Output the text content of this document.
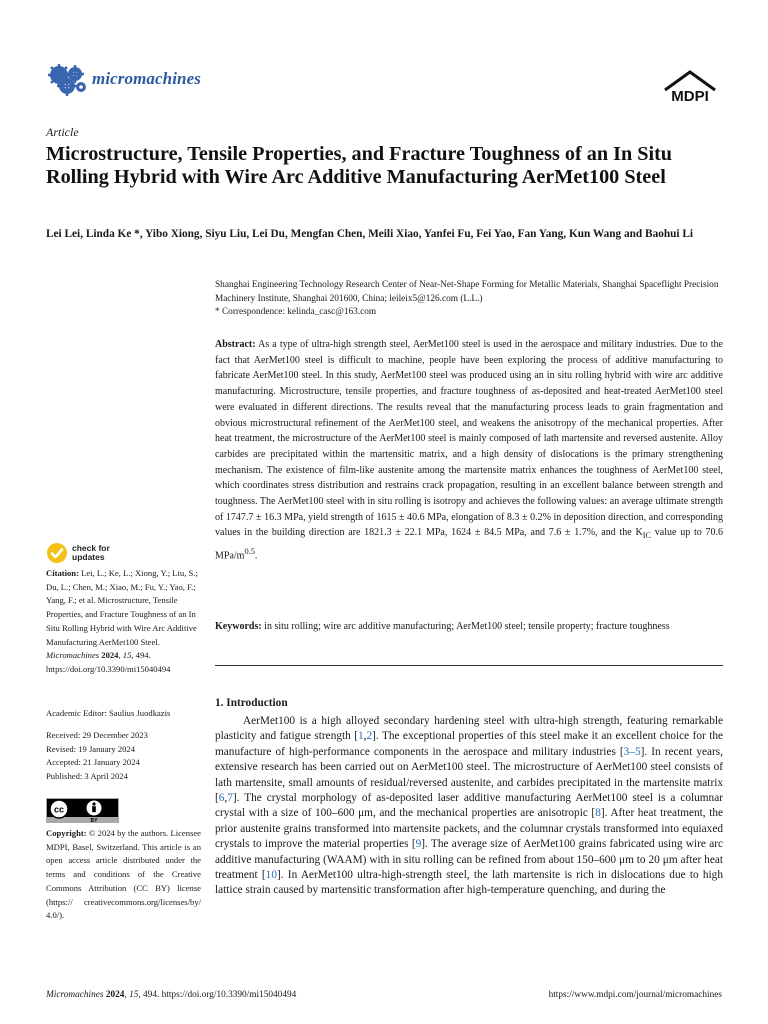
micromachines
MDPI
Article
Microstructure, Tensile Properties, and Fracture Toughness of an In Situ Rolling Hybrid with Wire Arc Additive Manufacturing AerMet100 Steel
Lei Lei, Linda Ke *, Yibo Xiong, Siyu Liu, Lei Du, Mengfan Chen, Meili Xiao, Yanfei Fu, Fei Yao, Fan Yang, Kun Wang and Baohui Li
Shanghai Engineering Technology Research Center of Near-Net-Shape Forming for Metallic Materials, Shanghai Spaceflight Precision Machinery Institute, Shanghai 201600, China; leileix5@126.com (L.L.)
* Correspondence: kelinda_casc@163.com
Abstract: As a type of ultra-high strength steel, AerMet100 steel is used in the aerospace and military industries. Due to the fact that AerMet100 steel is difficult to machine, people have been exploring the process of additive manufacturing to fabricate AerMet100 steel. In this study, AerMet100 steel was produced using an in situ rolling hybrid with wire arc additive manufacturing. Microstructure, tensile properties, and fracture toughness of as-deposited and heat-treated AerMet100 steel were evaluated in different directions. The results reveal that the manufacturing process leads to grain fragmentation and obvious microstructural refinement of the AerMet100 steel, and weakens the anisotropy of the mechanical properties. After heat treatment, the microstructure of the AerMet100 steel is mainly composed of lath martensite and reversed austenite. Alloy carbides are precipitated within the martensitic matrix, and a high density of dislocations is the primary strengthening mechanism. The existence of film-like austenite among the martensite matrix enhances the toughness of AerMet100 steel, which coordinates stress distribution and restrains crack propagation, resulting in an excellent balance between strength and toughness. The AerMet100 steel with in situ rolling is isotropy and achieves the following values: an average ultimate strength of 1747.7 ± 16.3 MPa, yield strength of 1615 ± 40.6 MPa, elongation of 8.3 ± 0.2% in deposition direction, and corresponding values in the building direction are 1821.3 ± 22.1 MPa, 1624 ± 84.5 MPa, and 7.6 ± 1.7%, and the $K_{IC}$ value up to 70.6 MPa/$m^{0.5}$.
Keywords: in situ rolling; wire arc additive manufacturing; AerMet100 steel; tensile property; fracture toughness
1. Introduction

AerMet100 is a high alloyed secondary hardening steel with ultra-high strength, featuring remarkable plasticity and fatigue strength [1,2]. The exceptional properties of this steel make it an excellent choice for the manufacture of high-performance components in the aerospace and military industries [3–5]. In recent years, extensive research has been carried out on AerMet100 steel. The microstructure of AerMet100 steel consists of lath martensite, small amounts of residual/reversed austenite, and carbides precipitated in the martensite matrix [6,7]. The crystal morphology of as-deposited laser additive manufacturing AerMet100 steel is a columnar crystal with a size of 100–600 μm, and the mechanical properties are anisotropic [8]. After heat treatment, the prior austenite grains transformed into martensite packets, and the columnar crystals transformed into equiaxed crystals to improve the material properties [9]. The average size of AerMet100 grains fabricated using wire arc additive manufacturing (WAAM) with in situ rolling can be refined from about 150–600 μm to 20 μm after heat treatment [10]. In AerMet100 ultra-high-strength steel, the lath martensite is rich in dislocations due to high lattice strain caused by martensitic transformation after high-temperature quenching, and during the

check for
updates
Citation: Lei, L.; Ke, L.; Xiong, Y.; Liu, S.; Du, L.; Chen, M.; Xiao, M.; Fu, Y.; Yao, F.; Yang, F.; et al. Microstructure, Tensile Properties, and Fracture Toughness of an In Situ Rolling Hybrid with Wire Arc Additive Manufacturing AerMet100 Steel. Micromachines 2024, 15, 494. https://doi.org/10.3390/mi15040494
Academic Editor: Saulius Juodkazis
Received: 29 December 2023
Revised: 19 January 2024
Accepted: 21 January 2024
Published: 3 April 2024
cc
BY
Copyright: © 2024 by the authors. Licensee MDPI, Basel, Switzerland. This article is an open access article distributed under the terms and conditions of the Creative Commons Attribution (CC BY) license (https:// creativecommons.org/licenses/by/ 4.0/).
Micromachines 2024, 15, 494. https://doi.org/10.3390/mi15040494	https://www.mdpi.com/journal/micromachines
